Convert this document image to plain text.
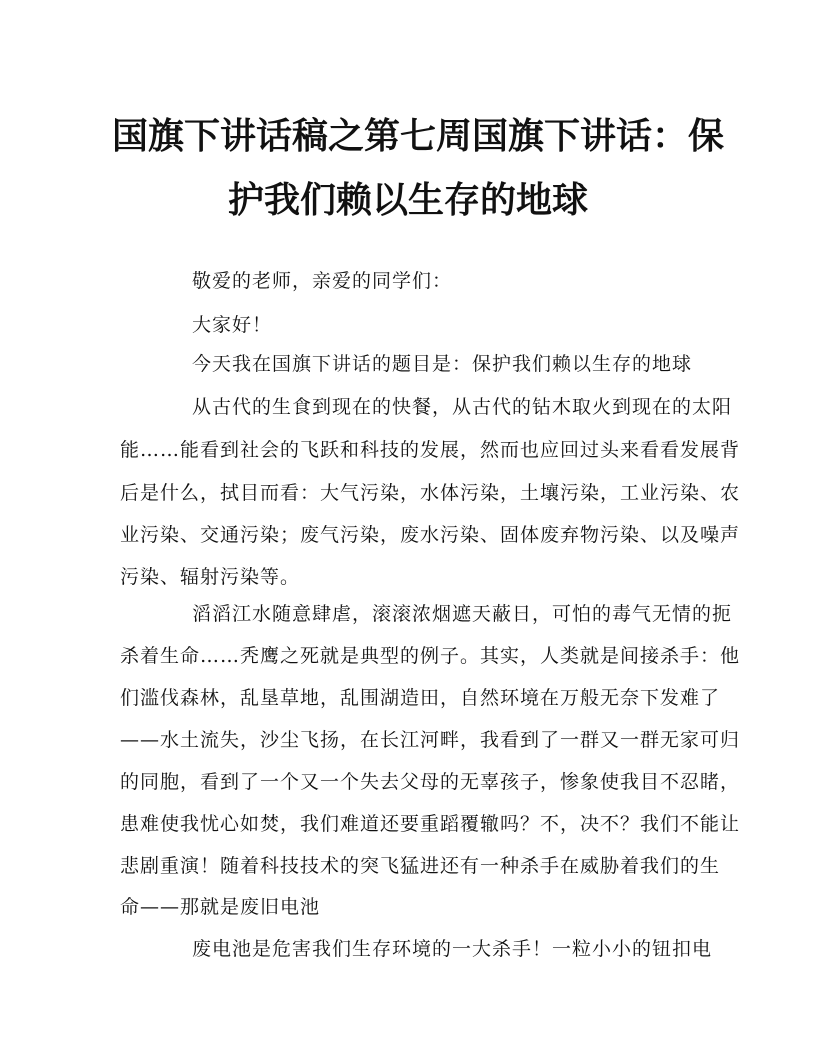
国旗下讲话稿之第七周国旗下讲话：保
护我们赖以生存的地球
敬爱的老师，亲爱的同学们：
大家好！
今天我在国旗下讲话的题目是：保护我们赖以生存的地球
从古代的生食到现在的快餐，从古代的钻木取火到现在的太阳
能……能看到社会的飞跃和科技的发展，然而也应回过头来看看发展背
后是什么，拭目而看：大气污染，水体污染，土壤污染，工业污染、农
业污染、交通污染；废气污染，废水污染、固体废弃物污染、以及噪声
污染、辐射污染等。
滔滔江水随意肆虐，滚滚浓烟遮天蔽日，可怕的毒气无情的扼
杀着生命……秃鹰之死就是典型的例子。其实，人类就是间接杀手：他
们滥伐森林，乱垦草地，乱围湖造田，自然环境在万般无奈下发难了
——水土流失，沙尘飞扬，在长江河畔，我看到了一群又一群无家可归
的同胞，看到了一个又一个失去父母的无辜孩子，惨象使我目不忍睹，
患难使我忧心如焚，我们难道还要重蹈覆辙吗？不，决不？我们不能让
悲剧重演！随着科技技术的突飞猛进还有一种杀手在威胁着我们的生
命——那就是废旧电池
废电池是危害我们生存环境的一大杀手！一粒小小的钮扣电
